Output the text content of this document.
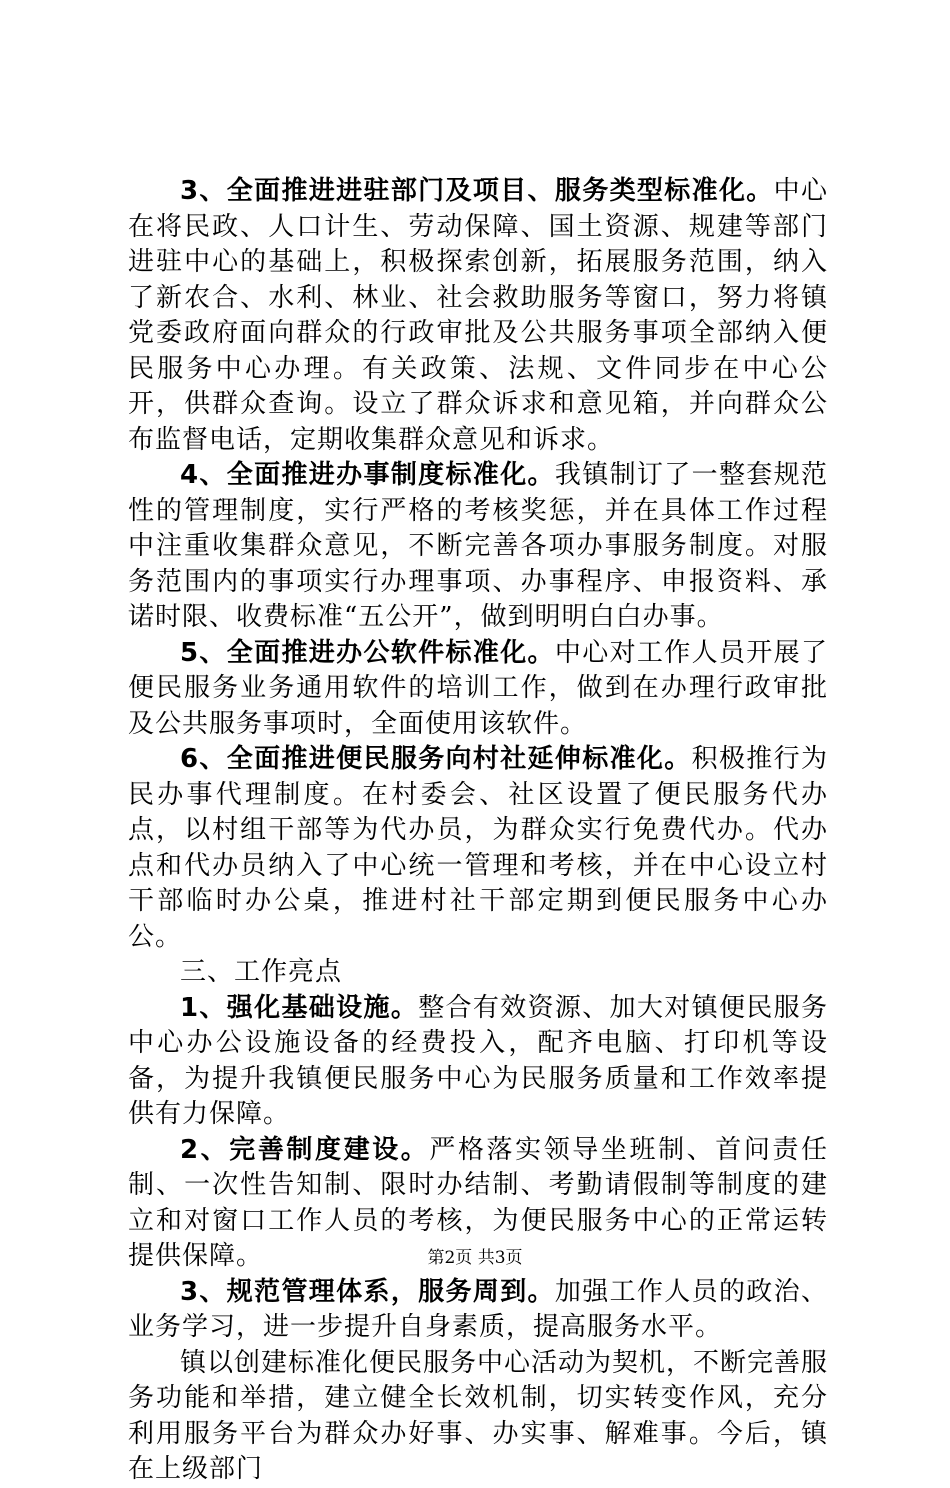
3、全面推进进驻部门及项目、服务类型标准化。中心在将民政、人口计生、劳动保障、国土资源、规建等部门进驻中心的基础上，积极探索创新，拓展服务范围，纳入了新农合、水利、林业、社会救助服务等窗口，努力将镇党委政府面向群众的行政审批及公共服务事项全部纳入便民服务中心办理。有关政策、法规、文件同步在中心公开，供群众查询。设立了群众诉求和意见箱，并向群众公布监督电话，定期收集群众意见和诉求。

4、全面推进办事制度标准化。我镇制订了一整套规范性的管理制度，实行严格的考核奖惩，并在具体工作过程中注重收集群众意见，不断完善各项办事服务制度。对服务范围内的事项实行办理事项、办事程序、申报资料、承诺时限、收费标准“五公开”，做到明明白白办事。

5、全面推进办公软件标准化。中心对工作人员开展了便民服务业务通用软件的培训工作，做到在办理行政审批及公共服务事项时，全面使用该软件。

6、全面推进便民服务向村社延伸标准化。积极推行为民办事代理制度。在村委会、社区设置了便民服务代办点，以村组干部等为代办员，为群众实行免费代办。代办点和代办员纳入了中心统一管理和考核，并在中心设立村干部临时办公桌，推进村社干部定期到便民服务中心办公。

三、工作亮点

1、强化基础设施。整合有效资源、加大对镇便民服务中心办公设施设备的经费投入，配齐电脑、打印机等设备，为提升我镇便民服务中心为民服务质量和工作效率提供有力保障。

2、完善制度建设。严格落实领导坐班制、首问责任制、一次性告知制、限时办结制、考勤请假制等制度的建立和对窗口工作人员的考核，为便民服务中心的正常运转提供保障。

3、规范管理体系，服务周到。加强工作人员的政治、业务学习，进一步提升自身素质，提高服务水平。

镇以创建标准化便民服务中心活动为契机，不断完善服务功能和举措，建立健全长效机制，切实转变作风，充分利用服务平台为群众办好事、办实事、解难事。今后，镇在上级部门

第2页 共3页
